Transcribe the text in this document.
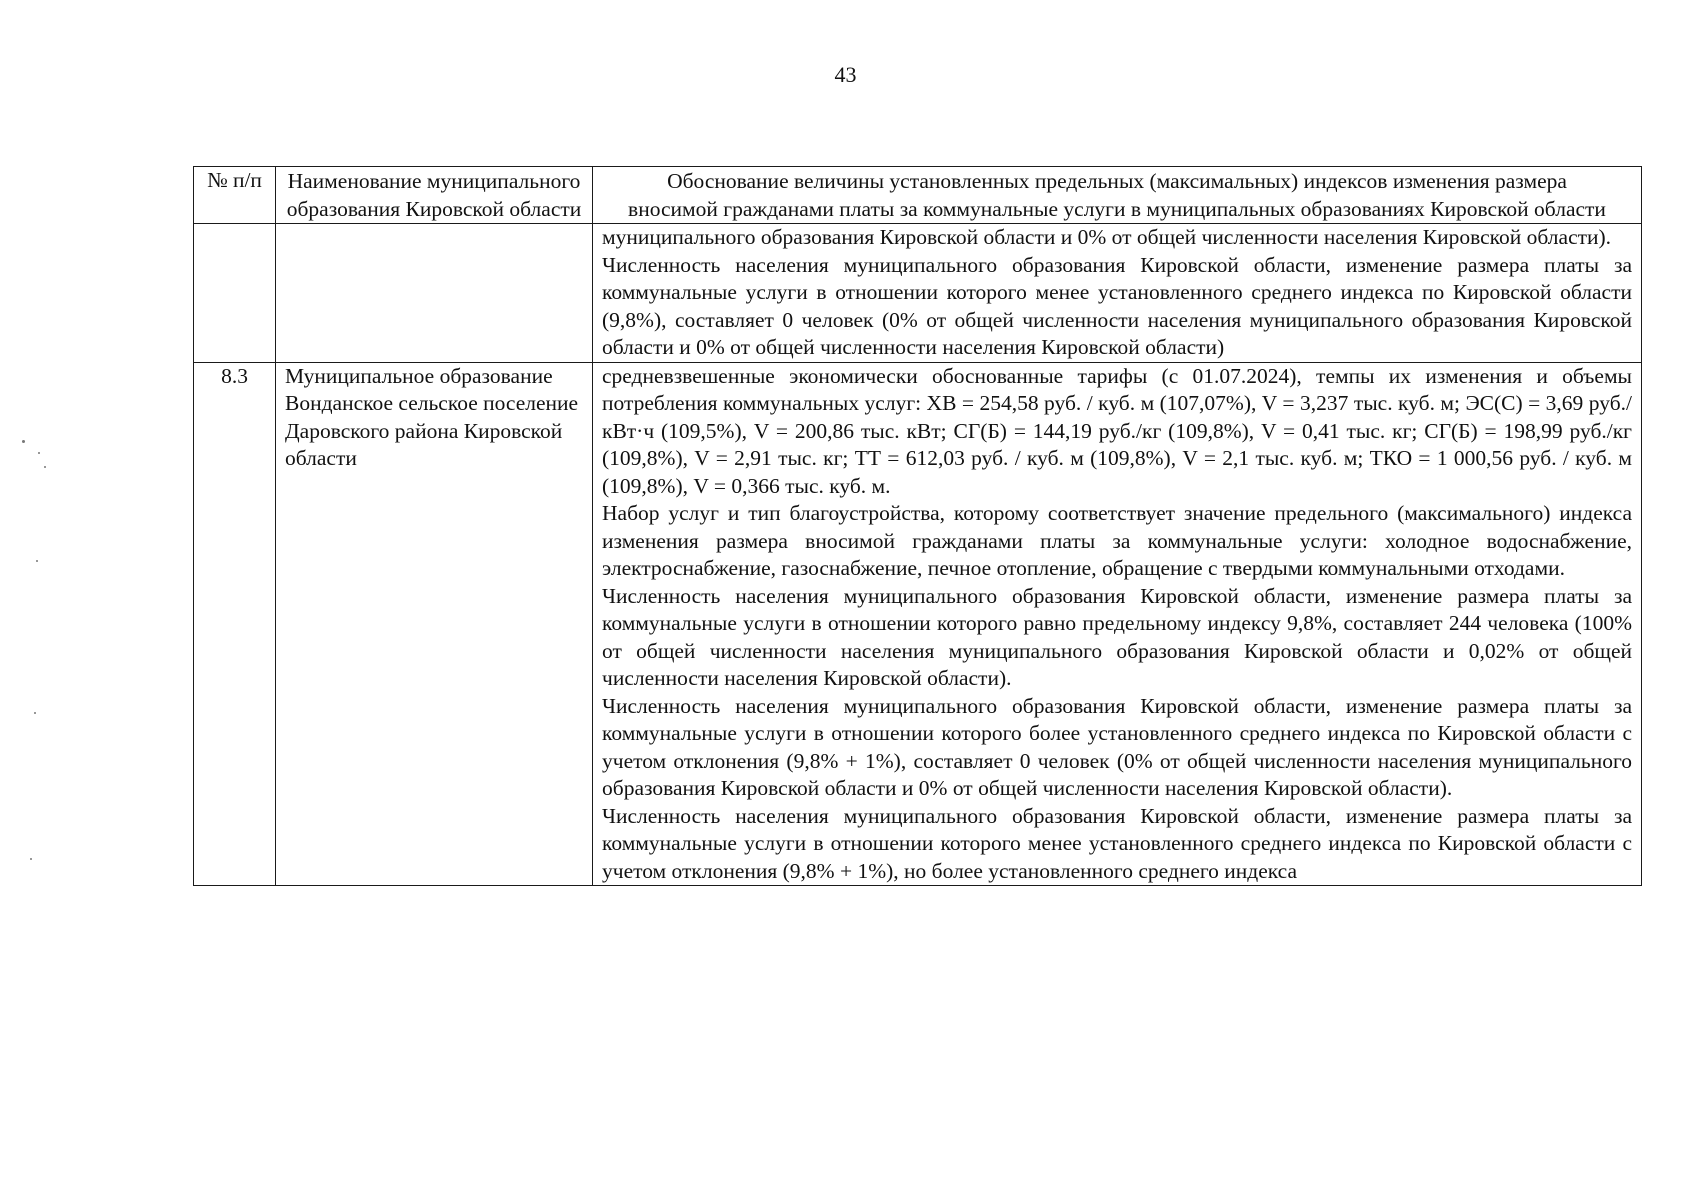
43
№ п/п	Наименование муниципального образования Кировской области	Обоснование величины установленных предельных (максимальных) индексов изменения размера вносимой гражданами платы за коммунальные услуги в муниципальных образованиях Кировской области

		муниципального образования Кировской области и 0% от общей численности населения Кировской области).

Численность населения муниципального образования Кировской области, изменение размера платы за коммунальные услуги в отношении которого менее установленного среднего индекса по Кировской области (9,8%), составляет 0 человек (0% от общей численности населения муниципального образования Кировской области и 0% от общей численности населения Кировской области)

8.3	Муниципальное образование Вонданское сельское поселение Даровского района Кировской области	средневзвешенные экономически обоснованные тарифы (с 01.07.2024), темпы их изменения и объемы потребления коммунальных услуг: ХВ = 254,58 руб. / куб. м (107,07%), V = 3,237 тыс. куб. м; ЭС(С) = 3,69 руб./кВт·ч (109,5%), V = 200,86 тыс. кВт; СГ(Б) = 144,19 руб./кг (109,8%), V = 0,41 тыс. кг; СГ(Б) = 198,99 руб./кг (109,8%), V = 2,91 тыс. кг; ТТ = 612,03 руб. / куб. м (109,8%), V = 2,1 тыс. куб. м; ТКО = 1 000,56 руб. / куб. м (109,8%), V = 0,366 тыс. куб. м.

Набор услуг и тип благоустройства, которому соответствует значение предельного (максимального) индекса изменения размера вносимой гражданами платы за коммунальные услуги: холодное водоснабжение, электроснабжение, газоснабжение, печное отопление, обращение с твердыми коммунальными отходами.

Численность населения муниципального образования Кировской области, изменение размера платы за коммунальные услуги в отношении которого равно предельному индексу 9,8%, составляет 244 человека (100% от общей численности населения муниципального образования Кировской области и 0,02% от общей численности населения Кировской области).

Численность населения муниципального образования Кировской области, изменение размера платы за коммунальные услуги в отношении которого более установленного среднего индекса по Кировской области с учетом отклонения (9,8% + 1%), составляет 0 человек (0% от общей численности населения муниципального образования Кировской области и 0% от общей численности населения Кировской области).

Численность населения муниципального образования Кировской области, изменение размера платы за коммунальные услуги в отношении которого менее установленного среднего индекса по Кировской области с учетом отклонения (9,8% + 1%), но более установленного среднего индекса
